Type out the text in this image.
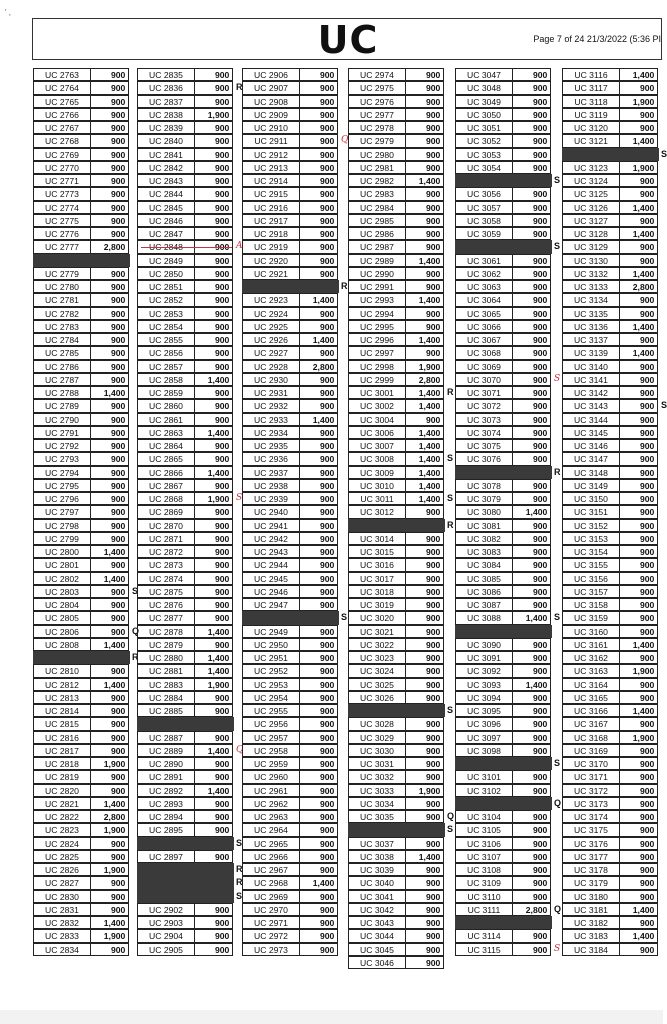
' ,
UC	Page 7 of 24 21/3/2022 (5:36 PI
UC 2763	900
UC 2764	900
UC 2765	900
UC 2766	900
UC 2767	900
UC 2768	900
UC 2769	900
UC 2770	900
UC 2771	900
UC 2773	900
UC 2774	900
UC 2775	900
UC 2776	900
UC 2777	2,800
UC 2779	900
UC 2780	900
UC 2781	900
UC 2782	900
UC 2783	900
UC 2784	900
UC 2785	900
UC 2786	900
UC 2787	900
UC 2788	1,400
UC 2789	900
UC 2790	900
UC 2791	900
UC 2792	900
UC 2793	900
UC 2794	900
UC 2795	900
UC 2796	900
UC 2797	900
UC 2798	900
UC 2799	900
UC 2800	1,400
UC 2801	900
UC 2802	1,400
UC 2803	900 S
UC 2804	900
UC 2805	900
UC 2806	900 Q
UC 2808	1,400
R
UC 2810	900
UC 2812	1,400
UC 2813	900
UC 2814	900
UC 2815	900
UC 2816	900
UC 2817	900
UC 2818	1,900
UC 2819	900
UC 2820	900
UC 2821	1,400
UC 2822	2,800
UC 2823	1,900
UC 2824	900
UC 2825	900
UC 2826	1,900
UC 2827	900
UC 2830	900
UC 2831	900
UC 2832	1,400
UC 2833	1,900
UC 2834	900
UC 2835	900
UC 2836	900 R
UC 2837	900
UC 2838	1,900
UC 2839	900
UC 2840	900
UC 2841	900
UC 2842	900
UC 2843	900
UC 2844	900
UC 2845	900
UC 2846	900
UC 2847	900
A
UC 2849	900
UC 2850	900
UC 2851	900
UC 2852	900
UC 2853	900
UC 2854	900
UC 2855	900
UC 2856	900
UC 2857	900
UC 2858	1,400
UC 2859	900
UC 2860	900
UC 2861	900
UC 2863	1,400
UC 2864	900
UC 2865	900
UC 2866	1,400
UC 2867	900
UC 2868	1,900 S
UC 2869	900
UC 2870	900
UC 2871	900
UC 2872	900
UC 2873	900
UC 2874	900
UC 2875	900
UC 2876	900
UC 2877	900
UC 2878	1,400
UC 2879	900
UC 2880	1,400
UC 2881	1,400
UC 2883	1,900
UC 2884	900
UC 2885	900
UC 2887	900
UC 2889	1,400 Q
UC 2890	900
UC 2891	900
UC 2892	1,400
UC 2893	900
UC 2894	900
UC 2895	900
S
UC 2897	900
R
R
S
UC 2902	900
UC 2903	900
UC 2904	900
UC 2905	900
UC 2906	900
UC 2907	900
UC 2908	900
UC 2909	900
UC 2910	900
UC 2911	900 Q
UC 2912	900
UC 2913	900
UC 2914	900
UC 2915	900
UC 2916	900
UC 2917	900
UC 2918	900
UC 2919	900
UC 2920	900
UC 2921	900
R
UC 2923	1,400
UC 2924	900
UC 2925	900
UC 2926	1,400
UC 2927	900
UC 2928	2,800
UC 2930	900
UC 2931	900
UC 2932	900
UC 2933	1,400
UC 2934	900
UC 2935	900
UC 2936	900
UC 2937	900
UC 2938	900
UC 2939	900
UC 2940	900
UC 2941	900
UC 2942	900
UC 2943	900
UC 2944	900
UC 2945	900
UC 2946	900
UC 2947	900
S
UC 2949	900
UC 2950	900
UC 2951	900
UC 2952	900
UC 2953	900
UC 2954	900
UC 2955	900
UC 2956	900
UC 2957	900
UC 2958	900
UC 2959	900
UC 2960	900
UC 2961	900
UC 2962	900
UC 2963	900
UC 2964	900
UC 2965	900
UC 2966	900
UC 2967	900
UC 2968	1,400
UC 2969	900
UC 2970	900
UC 2971	900
UC 2972	900
UC 2973	900
UC 2974	900
UC 2975	900
UC 2976	900
UC 2977	900
UC 2978	900
UC 2979	900
UC 2980	900
UC 2981	900
UC 2982	1,400
UC 2983	900
UC 2984	900
UC 2985	900
UC 2986	900
UC 2987	900
UC 2989	1,400
UC 2990	900
UC 2991	900
UC 2993	1,400
UC 2994	900
UC 2995	900
UC 2996	1,400
UC 2997	900
UC 2998	1,900
UC 2999	2,800
UC 3001	1,400 R
UC 3002	1,400
UC 3004	900
UC 3006	1,400
UC 3007	1,400
UC 3008	1,400 S
UC 3009	1,400
UC 3010	1,400
UC 3011	1,400 S
UC 3012	900
R
UC 3014	900
UC 3015	900
UC 3016	900
UC 3017	900
UC 3018	900
UC 3019	900
UC 3020	900
UC 3021	900
UC 3022	900
UC 3023	900
UC 3024	900
UC 3025	900
UC 3026	900
S
UC 3028	900
UC 3029	900
UC 3030	900
UC 3031	900
UC 3032	900
UC 3033	1,900
UC 3034	900
UC 3035	900 Q
S
UC 3037	900
UC 3038	1,400
UC 3039	900
UC 3040	900
UC 3041	900
UC 3042	900
UC 3043	900
UC 3044	900
UC 3045	900
UC 3046	900
UC 3047	900
UC 3048	900
UC 3049	900
UC 3050	900
UC 3051	900
UC 3052	900
UC 3053	900
UC 3054	900
S
UC 3056	900
UC 3057	900
UC 3058	900
UC 3059	900
S
UC 3061	900
UC 3062	900
UC 3063	900
UC 3064	900
UC 3065	900
UC 3066	900
UC 3067	900
UC 3068	900
UC 3069	900
UC 3070	900 S
UC 3071	900
UC 3072	900
UC 3073	900
UC 3074	900
UC 3075	900
UC 3076	900
R
UC 3078	900
UC 3079	900
UC 3080	1,400
UC 3081	900
UC 3082	900
UC 3083	900
UC 3084	900
UC 3085	900
UC 3086	900
UC 3087	900
UC 3088	1,400 S
UC 3090	900
UC 3091	900
UC 3092	900
UC 3093	1,400
UC 3094	900
UC 3095	900
UC 3096	900
UC 3097	900
UC 3098	900
S
UC 3101	900
UC 3102	900
Q
UC 3104	900
UC 3105	900
UC 3106	900
UC 3107	900
UC 3108	900
UC 3109	900
UC 3110	900
UC 3111	2,800 Q
UC 3114	900
UC 3115	900 S
UC 3116	1,400
UC 3117	900
UC 3118	1,900
UC 3119	900
UC 3120	900
UC 3121	1,400
S
UC 3123	1,900
UC 3124	900
UC 3125	900
UC 3126	1,400
UC 3127	900
UC 3128	1,400
UC 3129	900
UC 3130	900
UC 3132	1,400
UC 3133	2,800
UC 3134	900
UC 3135	900
UC 3136	1,400
UC 3137	900
UC 3139	1,400
UC 3140	900
UC 3141	900
UC 3142	900
UC 3143	900 S
UC 3144	900
UC 3145	900
UC 3146	900
UC 3147	900
UC 3148	900
UC 3149	900
UC 3150	900
UC 3151	900
UC 3152	900
UC 3153	900
UC 3154	900
UC 3155	900
UC 3156	900
UC 3157	900
UC 3158	900
UC 3159	900
UC 3160	900
UC 3161	1,400
UC 3162	900
UC 3163	1,900
UC 3164	900
UC 3165	900
UC 3166	1,400
UC 3167	900
UC 3168	1,900
UC 3169	900
UC 3170	900
UC 3171	900
UC 3172	900
UC 3173	900
UC 3174	900
UC 3175	900
UC 3176	900
UC 3177	900
UC 3178	900
UC 3179	900
UC 3180	900
UC 3181	1,400
UC 3182	900
UC 3183	1,400
UC 3184	900
